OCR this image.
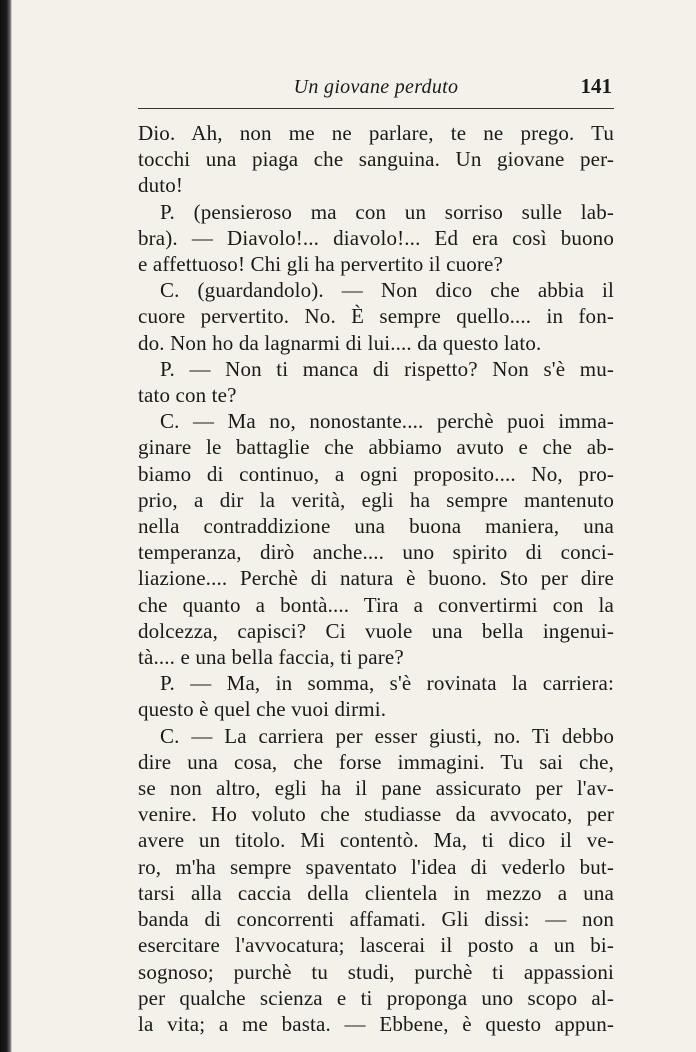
Un giovane perduto	141

Dio. Ah, non me ne parlare, te ne prego. Tu

tocchi una piaga che sanguina. Un giovane per-

duto!

P. (pensieroso ma con un sorriso sulle lab-

bra). — Diavolo!... diavolo!... Ed era così buono

e affettuoso! Chi gli ha pervertito il cuore?

C. (guardandolo). — Non dico che abbia il

cuore pervertito. No. È sempre quello.... in fon-

do. Non ho da lagnarmi di lui.... da questo lato.

P. — Non ti manca di rispetto? Non s'è mu-

tato con te?

C. — Ma no, nonostante.... perchè puoi imma-

ginare le battaglie che abbiamo avuto e che ab-

biamo di continuo, a ogni proposito.... No, pro-

prio, a dir la verità, egli ha sempre mantenuto

nella contraddizione una buona maniera, una

temperanza, dirò anche.... uno spirito di conci-

liazione.... Perchè di natura è buono. Sto per dire

che quanto a bontà.... Tira a convertirmi con la

dolcezza, capisci? Ci vuole una bella ingenui-

tà.... e una bella faccia, ti pare?

P. — Ma, in somma, s'è rovinata la carriera:

questo è quel che vuoi dirmi.

C. — La carriera per esser giusti, no. Ti debbo

dire una cosa, che forse immagini. Tu sai che,

se non altro, egli ha il pane assicurato per l'av-

venire. Ho voluto che studiasse da avvocato, per

avere un titolo. Mi contentò. Ma, ti dico il ve-

ro, m'ha sempre spaventato l'idea di vederlo but-

tarsi alla caccia della clientela in mezzo a una

banda di concorrenti affamati. Gli dissi: — non

esercitare l'avvocatura; lascerai il posto a un bi-

sognoso; purchè tu studi, purchè ti appassioni

per qualche scienza e ti proponga uno scopo al-

la vita; a me basta. — Ebbene, è questo appun-
